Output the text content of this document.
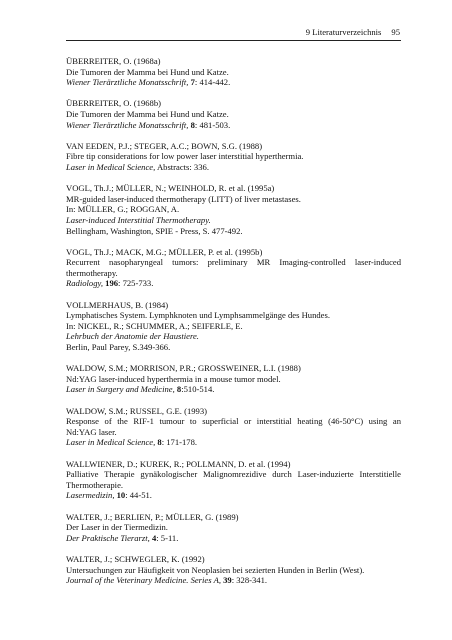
9 Literaturverzeichnis 95
ÜBERREITER, O. (1968a)
Die Tumoren der Mamma bei Hund und Katze.
Wiener Tierärztliche Monatsschrift, 7: 414-442.
ÜBERREITER, O. (1968b)
Die Tumoren der Mamma bei Hund und Katze.
Wiener Tierärztliche Monatsschrift, 8: 481-503.
VAN EEDEN, P.J.; STEGER, A.C.; BOWN, S.G. (1988)
Fibre tip considerations for low power laser interstitial hyperthermia.
Laser in Medical Science, Abstracts: 336.
VOGL, Th.J.; MÜLLER, N.; WEINHOLD, R. et al. (1995a)
MR-guided laser-induced thermotherapy (LITT) of liver metastases.
In: MÜLLER, G.; ROGGAN, A.
Laser-induced Interstitial Thermotherapy.
Bellingham, Washington, SPIE - Press, S. 477-492.
VOGL, Th.J.; MACK, M.G.; MÜLLER, P. et al. (1995b)
Recurrent nasopharyngeal tumors: preliminary MR Imaging-controlled laser-induced
thermotherapy.
Radiology, 196: 725-733.
VOLLMERHAUS, B. (1984)
Lymphatisches System. Lymphknoten und Lymphsammelgänge des Hundes.
In: NICKEL, R.; SCHUMMER, A.; SEIFERLE, E.
Lehrbuch der Anatomie der Haustiere.
Berlin, Paul Parey, S.349-366.
WALDOW, S.M.; MORRISON, P.R.; GROSSWEINER, L.I. (1988)
Nd:YAG laser-induced hyperthermia in a mouse tumor model.
Laser in Surgery and Medicine, 8:510-514.
WALDOW, S.M.; RUSSEL, G.E. (1993)
Response of the RIF-1 tumour to superficial or interstitial heating (46-50°C) using an
Nd:YAG laser.
Laser in Medical Science, 8: 171-178.
WALLWIENER, D.; KUREK, R.; POLLMANN, D. et al. (1994)
Palliative Therapie gynäkologischer Malignomrezidive durch Laser-induzierte Interstitielle
Thermotherapie.
Lasermedizin, 10: 44-51.
WALTER, J.; BERLIEN, P.; MÜLLER, G. (1989)
Der Laser in der Tiermedizin.
Der Praktische Tierarzt, 4: 5-11.
WALTER, J.; SCHWEGLER, K. (1992)
Untersuchungen zur Häufigkeit von Neoplasien bei sezierten Hunden in Berlin (West).
Journal of the Veterinary Medicine. Series A, 39: 328-341.
